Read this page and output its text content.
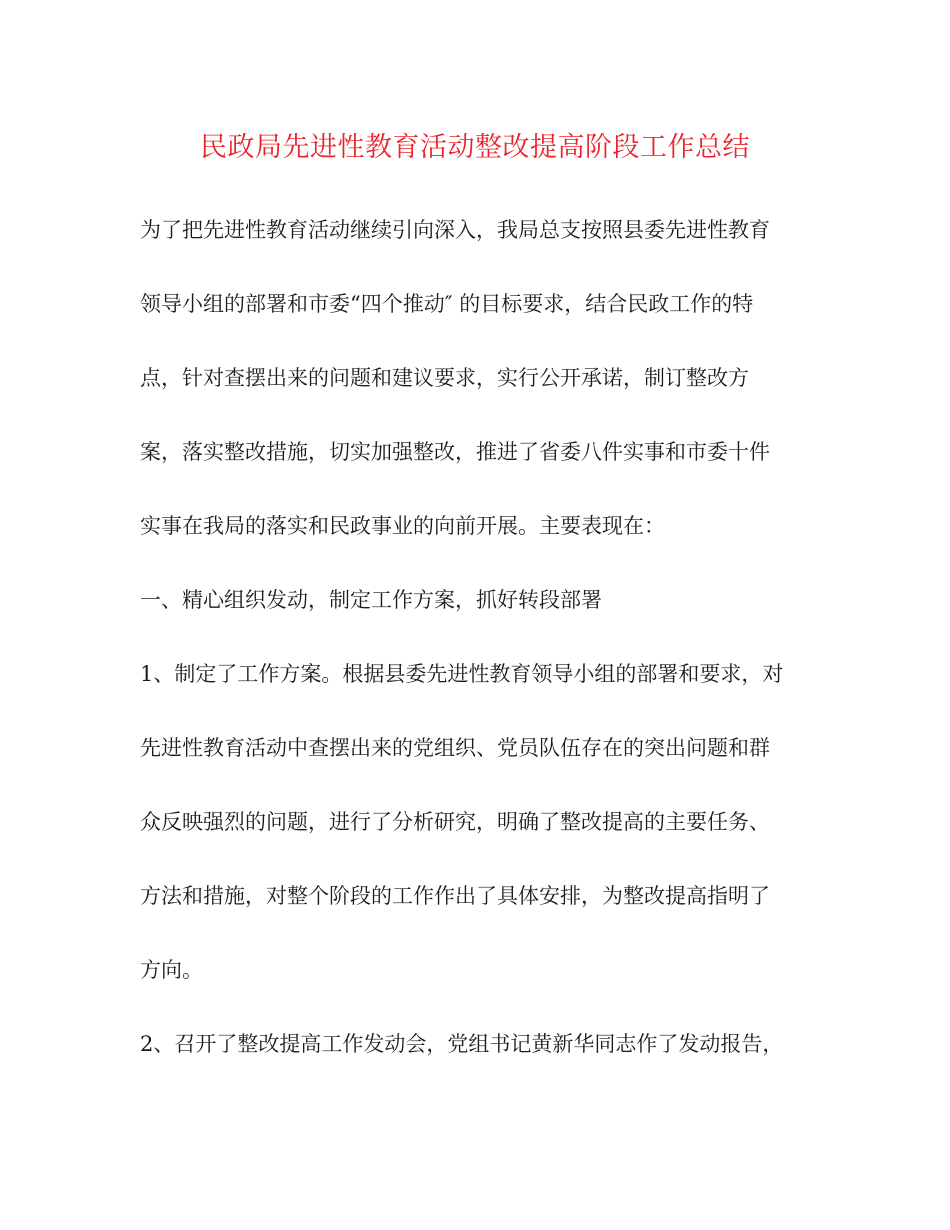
民政局先进性教育活动整改提高阶段工作总结
为了把先进性教育活动继续引向深入，我局总支按照县委先进性教育
领导小组的部署和市委“四个推动″ 的目标要求，结合民政工作的特
点，针对查摆出来的问题和建议要求，实行公开承诺，制订整改方
案，落实整改措施，切实加强整改，推进了省委八件实事和市委十件
实事在我局的落实和民政事业的向前开展。主要表现在：
一、精心组织发动，制定工作方案，抓好转段部署
1、制定了工作方案。根据县委先进性教育领导小组的部署和要求，对
先进性教育活动中查摆出来的党组织、党员队伍存在的突出问题和群
众反映强烈的问题，进行了分析研究，明确了整改提高的主要任务、
方法和措施，对整个阶段的工作作出了具体安排，为整改提高指明了
方向。
2、召开了整改提高工作发动会，党组书记黄新华同志作了发动报告，
